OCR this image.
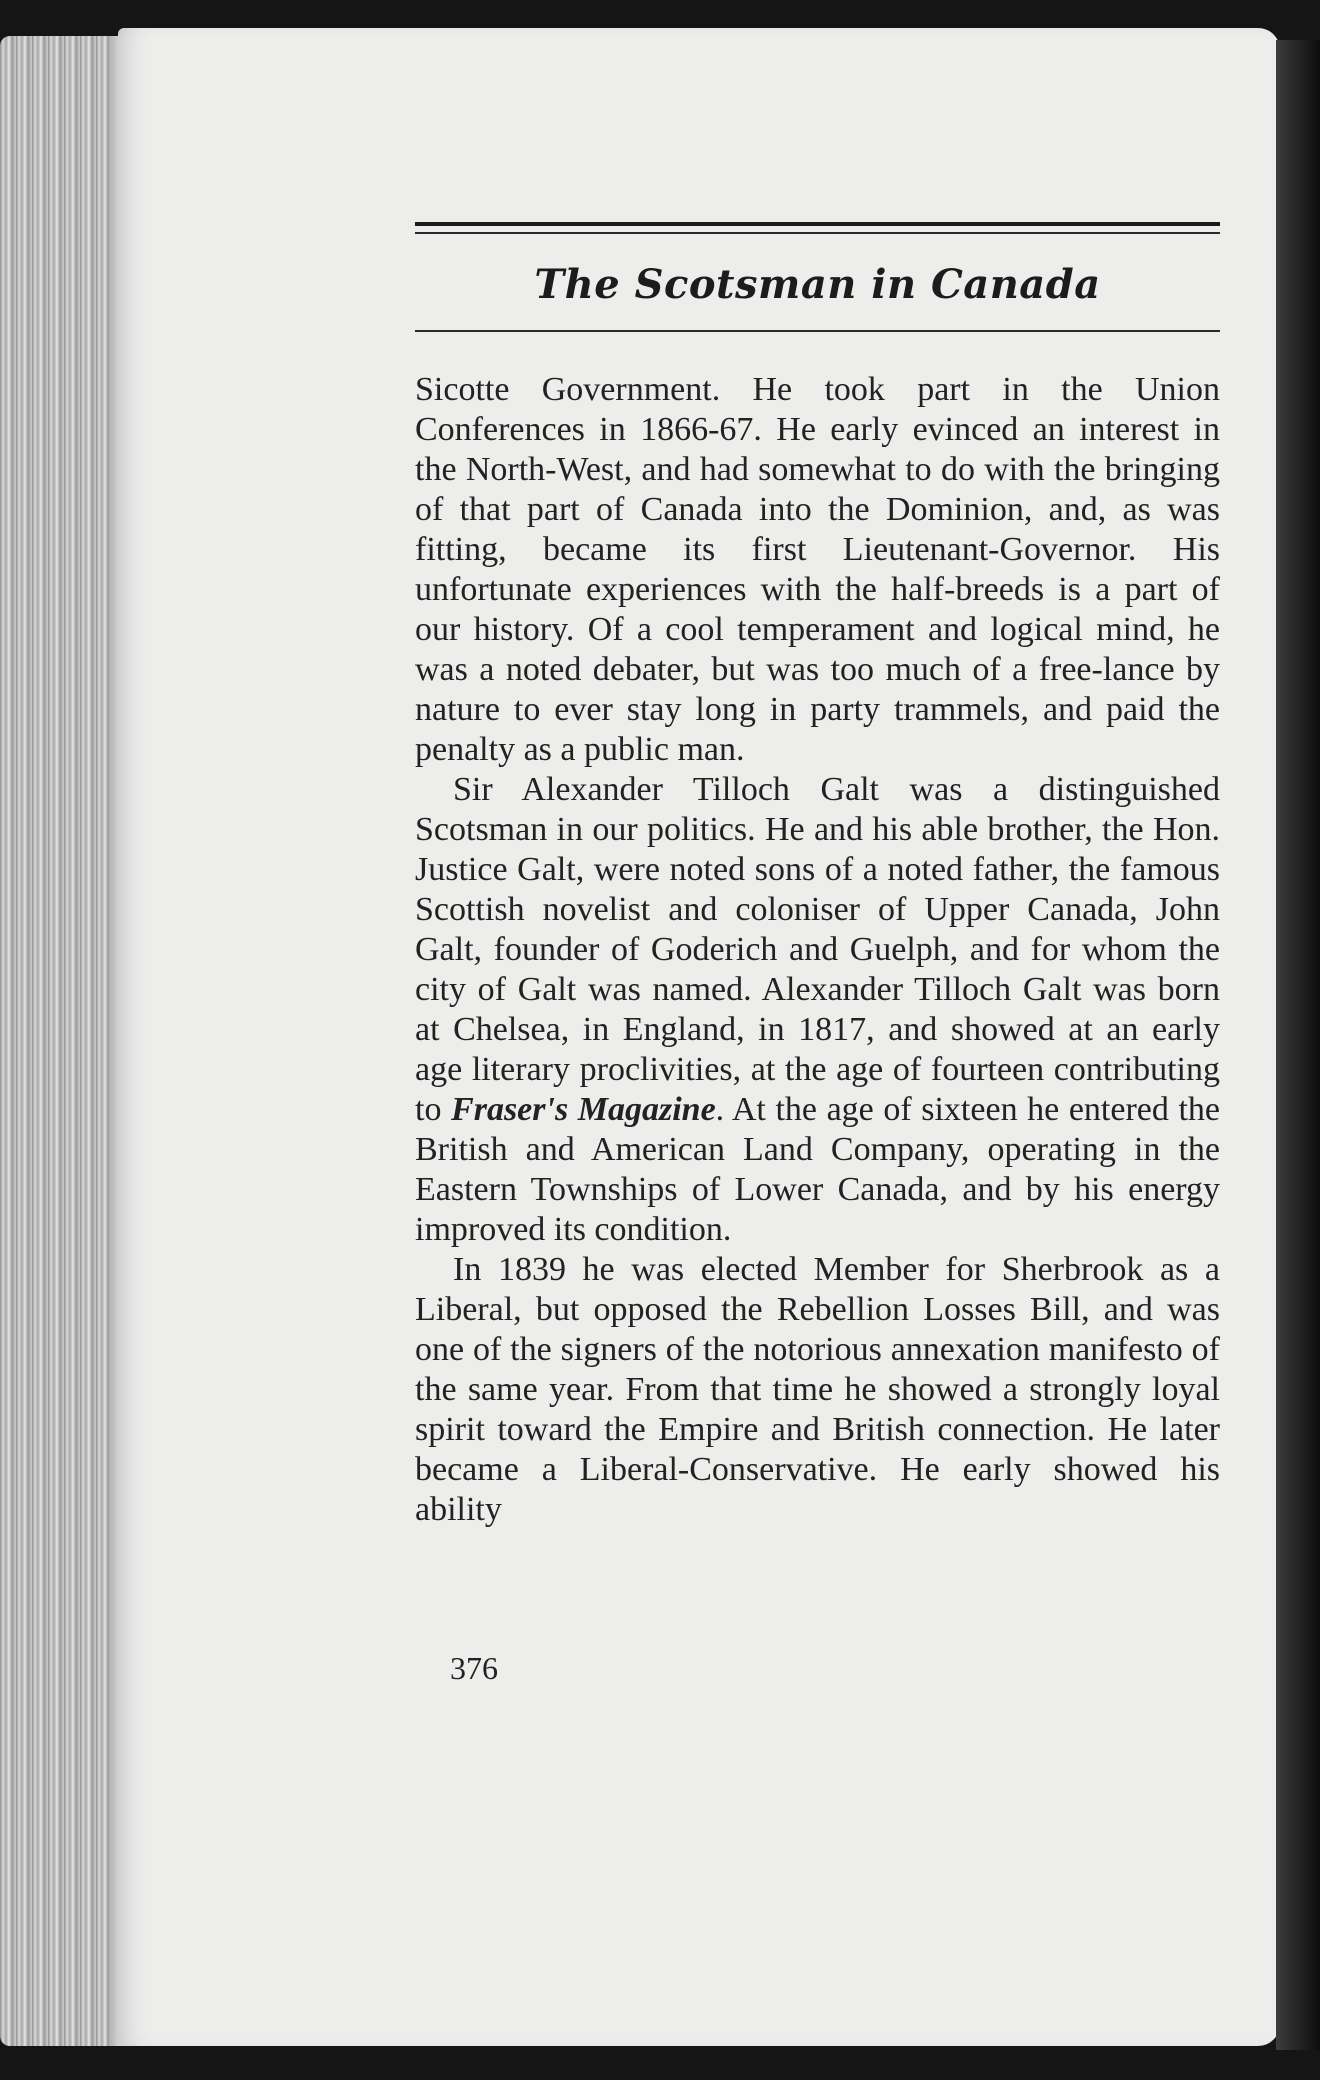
The Scotsman in Canada

Sicotte Government. He took part in the Union Conferences in 1866-67. He early evinced an interest in the North-West, and had somewhat to do with the bringing of that part of Canada into the Dominion, and, as was fitting, became its first Lieutenant-Governor. His unfortunate experiences with the half-breeds is a part of our history. Of a cool temperament and logical mind, he was a noted debater, but was too much of a free-lance by nature to ever stay long in party trammels, and paid the penalty as a public man.

Sir Alexander Tilloch Galt was a distinguished Scotsman in our politics. He and his able brother, the Hon. Justice Galt, were noted sons of a noted father, the famous Scottish novelist and coloniser of Upper Canada, John Galt, founder of Goderich and Guelph, and for whom the city of Galt was named. Alexander Tilloch Galt was born at Chelsea, in England, in 1817, and showed at an early age literary proclivities, at the age of fourteen contributing to Fraser's Magazine. At the age of sixteen he entered the British and American Land Company, operating in the Eastern Townships of Lower Canada, and by his energy improved its condition.

In 1839 he was elected Member for Sherbrook as a Liberal, but opposed the Rebellion Losses Bill, and was one of the signers of the notorious annexation manifesto of the same year. From that time he showed a strongly loyal spirit toward the Empire and British connection. He later became a Liberal-Conservative. He early showed his ability

376
